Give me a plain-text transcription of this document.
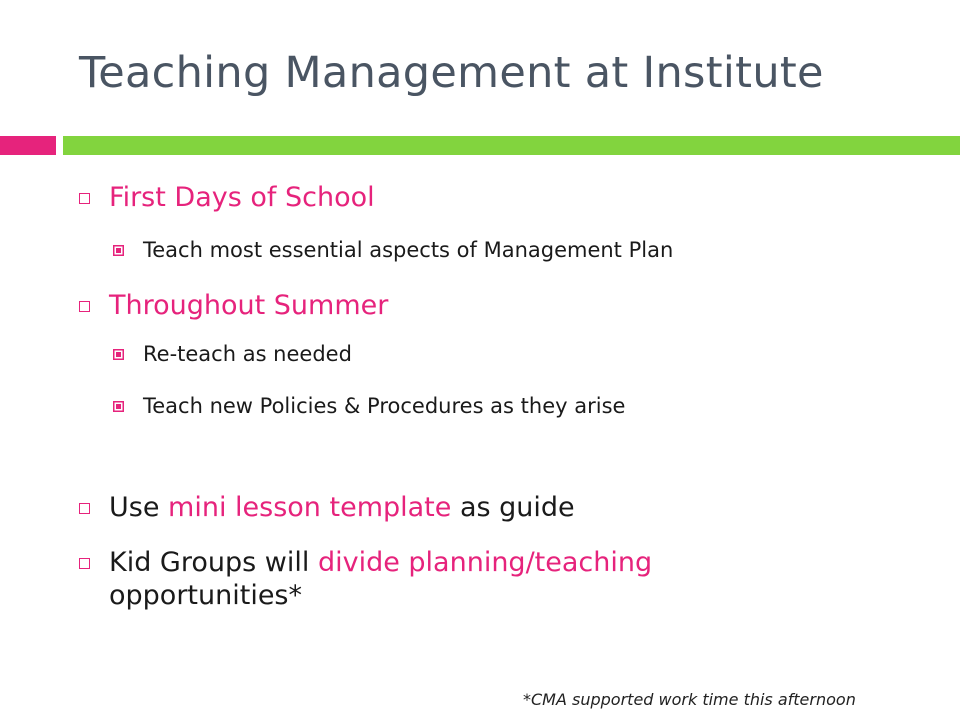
Teaching Management at Institute
First Days of School
Teach most essential aspects of Management Plan
Throughout Summer
Re-teach as needed
Teach new Policies & Procedures as they arise
Use mini lesson template as guide
Kid Groups will divide planning/teaching
opportunities*
*CMA supported work time this afternoon
